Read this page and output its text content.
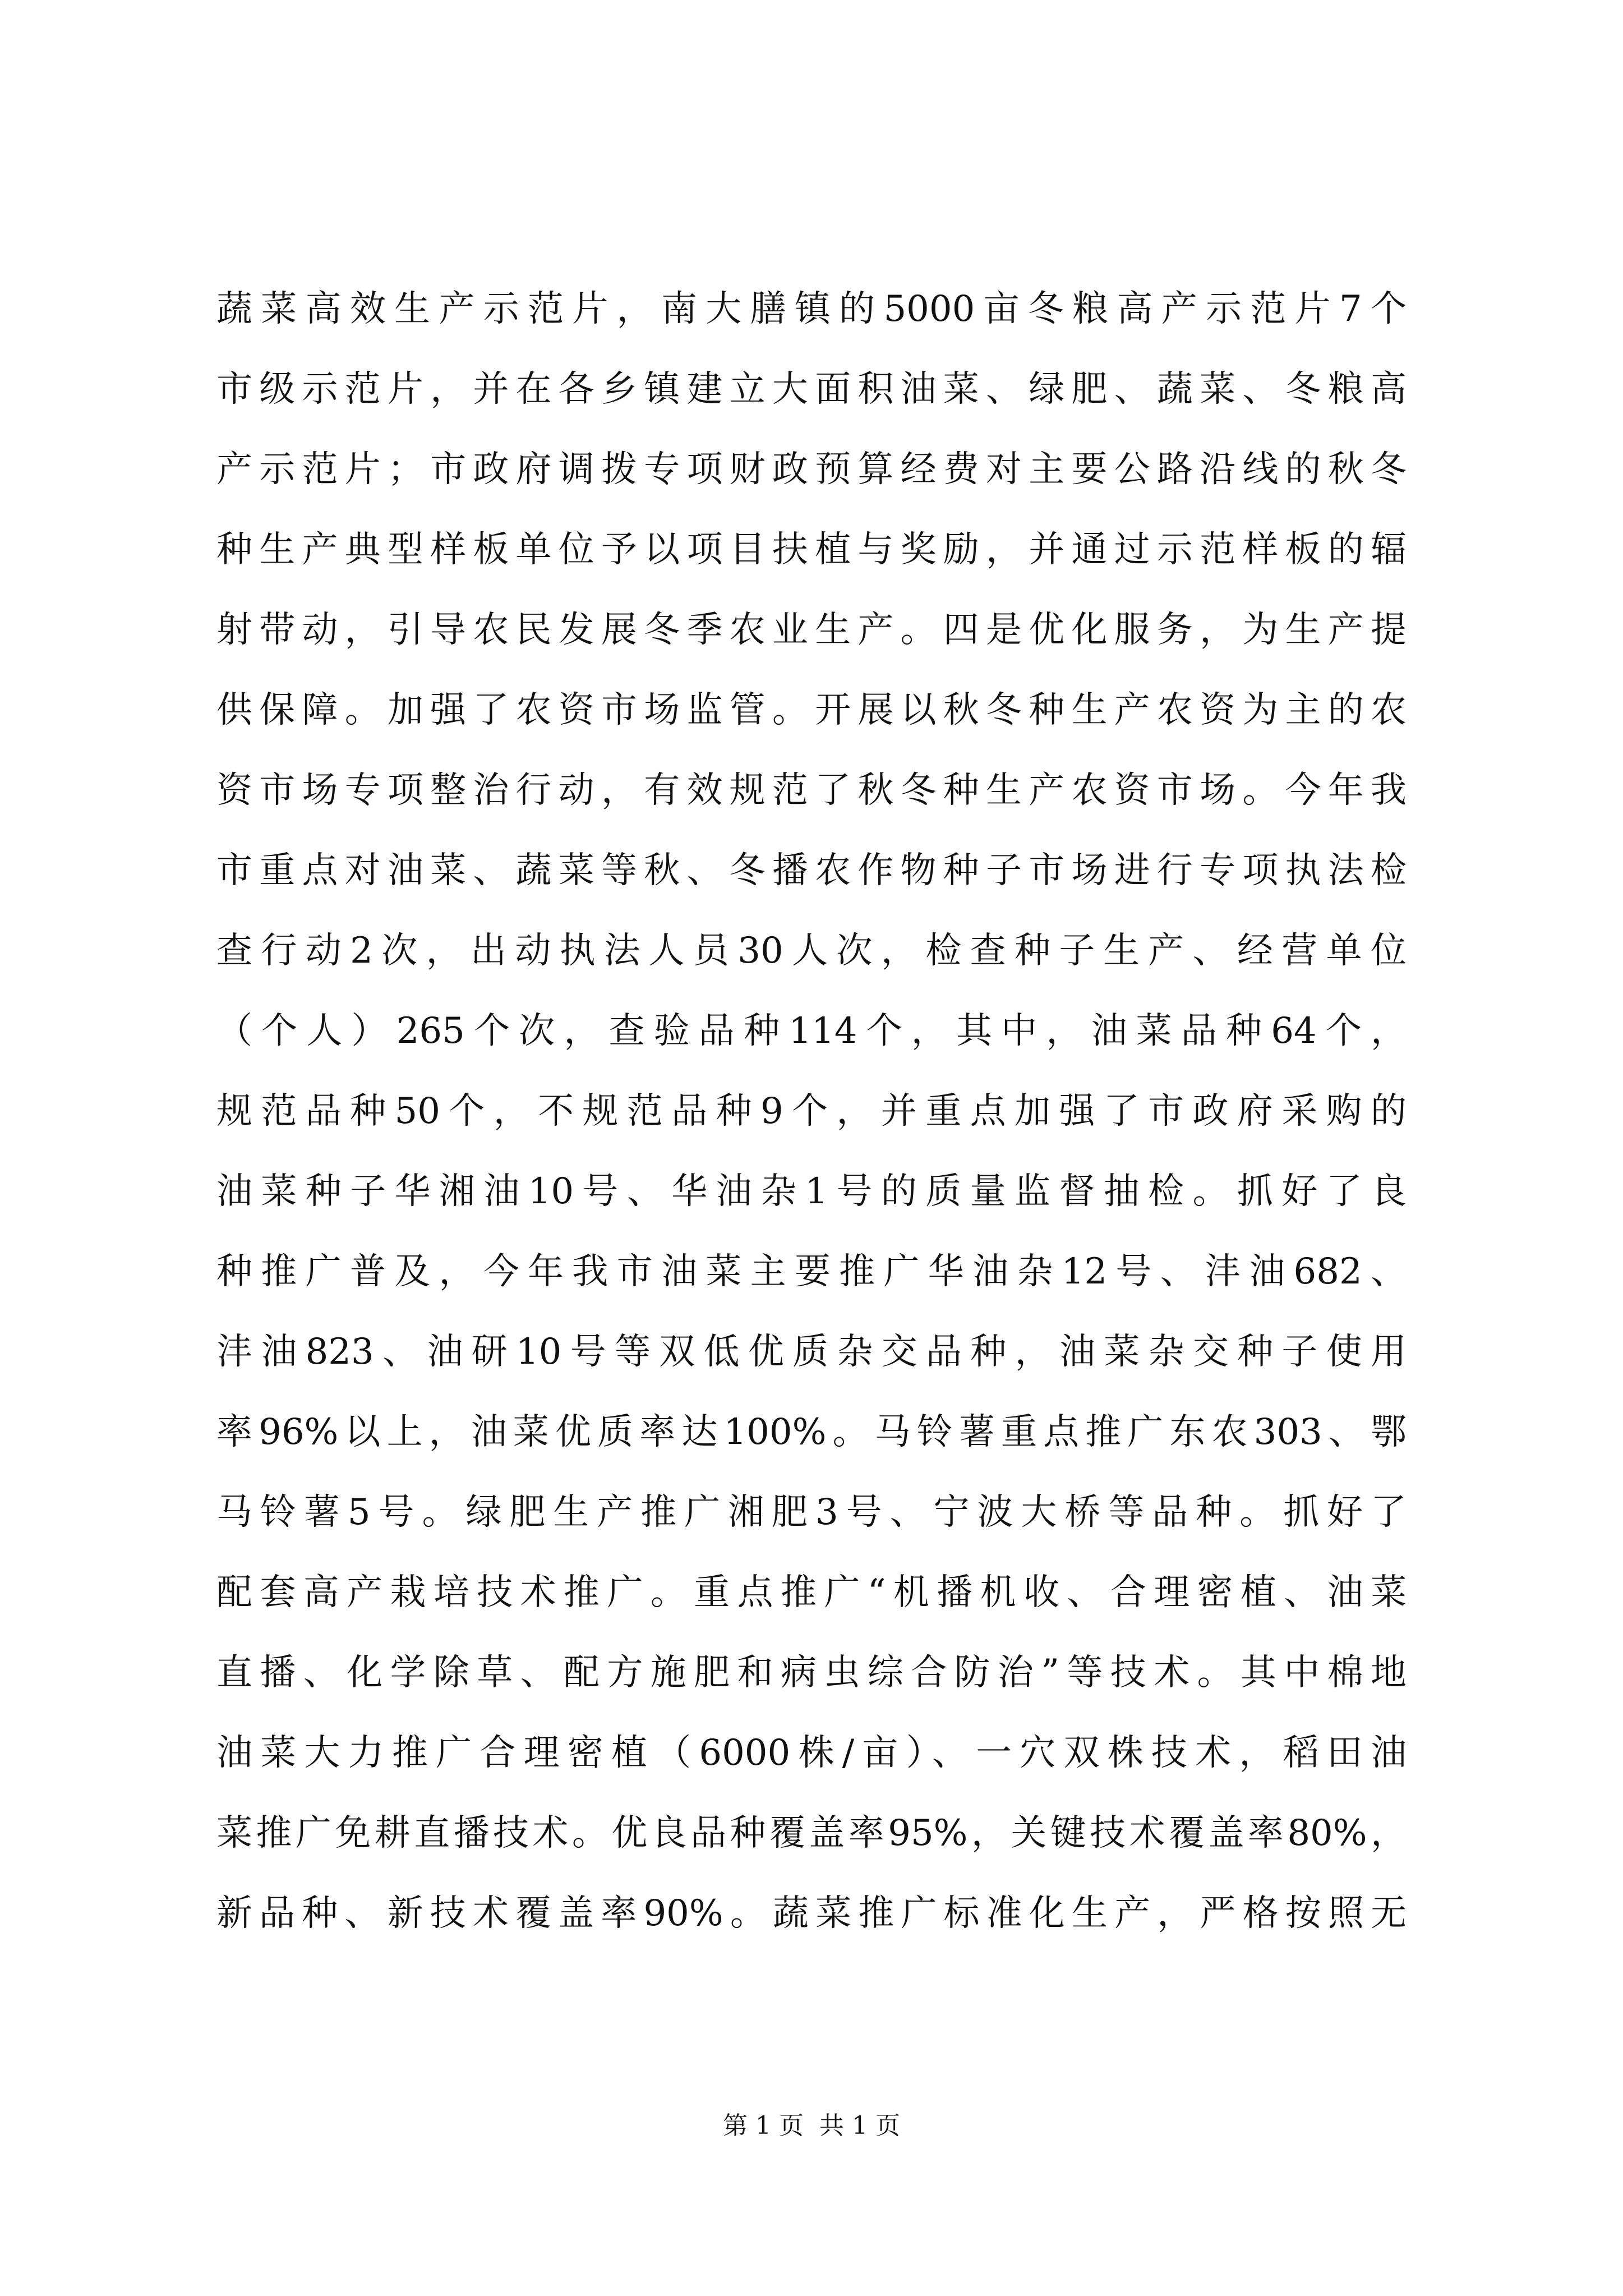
蔬菜高效生产示范片，南大膳镇的5000亩冬粮高产示范片7个
市级示范片，并在各乡镇建立大面积油菜、绿肥、蔬菜、冬粮高
产示范片；市政府调拨专项财政预算经费对主要公路沿线的秋冬
种生产典型样板单位予以项目扶植与奖励，并通过示范样板的辐
射带动，引导农民发展冬季农业生产。四是优化服务，为生产提
供保障。加强了农资市场监管。开展以秋冬种生产农资为主的农
资市场专项整治行动，有效规范了秋冬种生产农资市场。今年我
市重点对油菜、蔬菜等秋、冬播农作物种子市场进行专项执法检
查行动2次，出动执法人员30人次，检查种子生产、经营单位
（个人）265个次，查验品种114个，其中，油菜品种64个，
规范品种50个，不规范品种9个，并重点加强了市政府采购的
油菜种子华湘油10号、华油杂1号的质量监督抽检。抓好了良
种推广普及，今年我市油菜主要推广华油杂12号、沣油682、
沣油823、油研10号等双低优质杂交品种，油菜杂交种子使用
率96%以上，油菜优质率达100%。马铃薯重点推广东农303、鄂
马铃薯5号。绿肥生产推广湘肥3号、宁波大桥等品种。抓好了
配套高产栽培技术推广。重点推广“机播机收、合理密植、油菜
直播、化学除草、配方施肥和病虫综合防治”等技术。其中棉地
油菜大力推广合理密植（6000株/亩）、一穴双株技术，稻田油
菜推广免耕直播技术。优良品种覆盖率95%，关键技术覆盖率80%，
新品种、新技术覆盖率90%。蔬菜推广标准化生产，严格按照无
第 1 页  共 1 页
